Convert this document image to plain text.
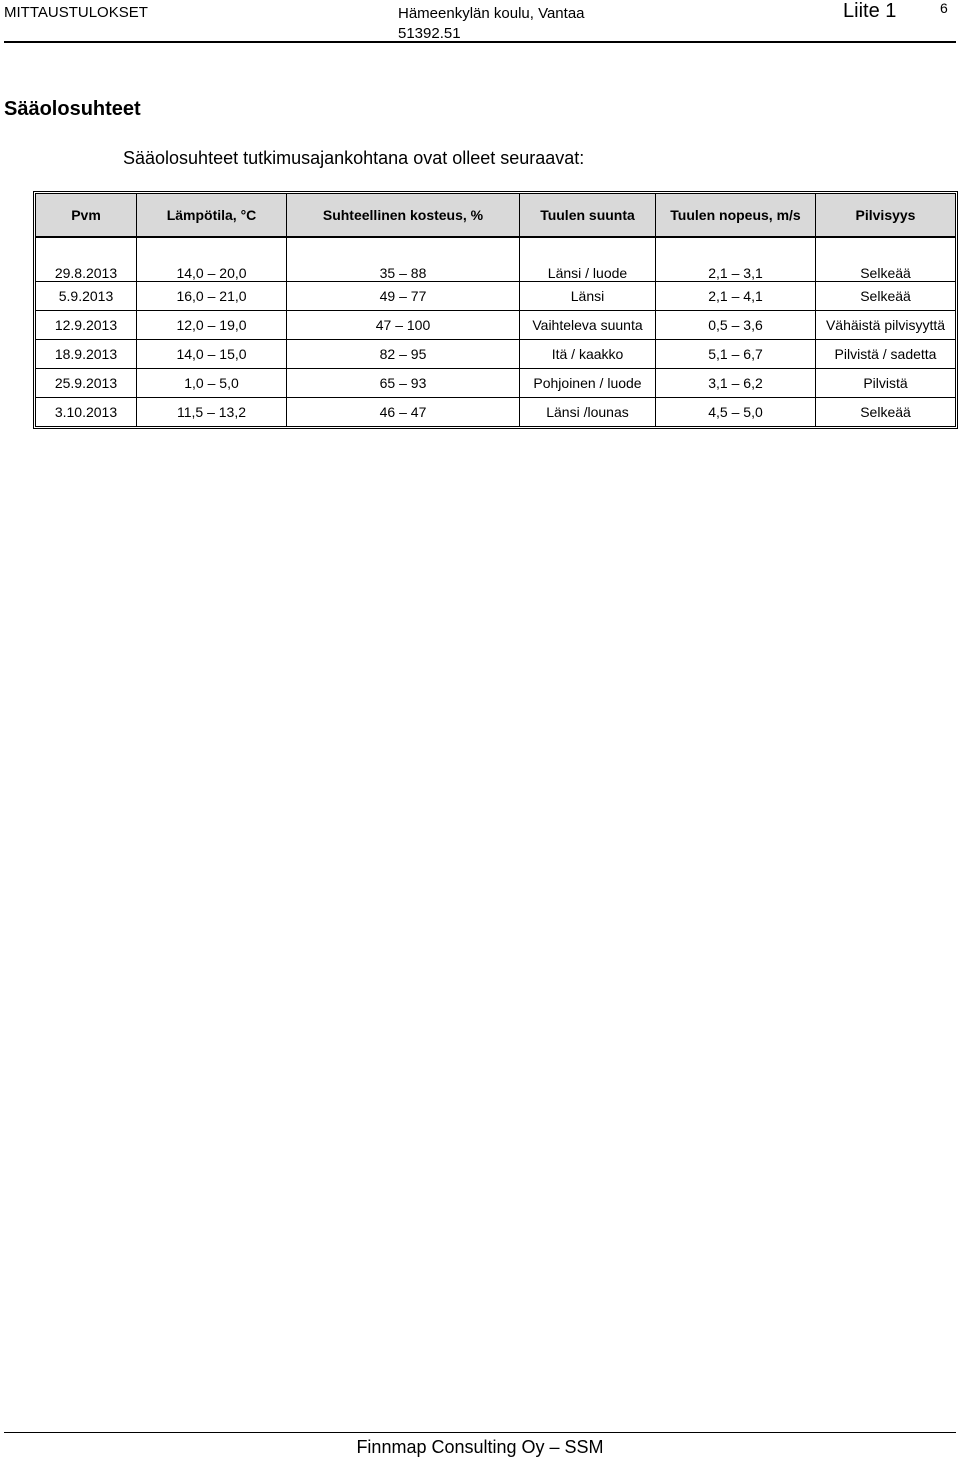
MITTAUSTULOKSET	Hämeenkylän koulu, Vantaa
51392.51
Liite 1	6
Sääolosuhteet
Sääolosuhteet tutkimusajankohtana ovat olleet seuraavat:
Pvm	Lämpötila, °C	Suhteellinen kosteus, %	Tuulen suunta	Tuulen nopeus, m/s	Pilvisyys
29.8.2013	14,0 – 20,0	35 – 88	Länsi / luode	2,1 – 3,1	Selkeää
5.9.2013	16,0 – 21,0	49 – 77	Länsi	2,1 – 4,1	Selkeää
12.9.2013	12,0 – 19,0	47 – 100	Vaihteleva suunta	0,5 – 3,6	Vähäistä pilvisyyttä
18.9.2013	14,0 – 15,0	82 – 95	Itä / kaakko	5,1 – 6,7	Pilvistä / sadetta
25.9.2013	1,0 – 5,0	65 – 93	Pohjoinen / luode	3,1 – 6,2	Pilvistä
3.10.2013	11,5 – 13,2	46 – 47	Länsi /lounas	4,5 – 5,0	Selkeää
Finnmap Consulting Oy – SSM
